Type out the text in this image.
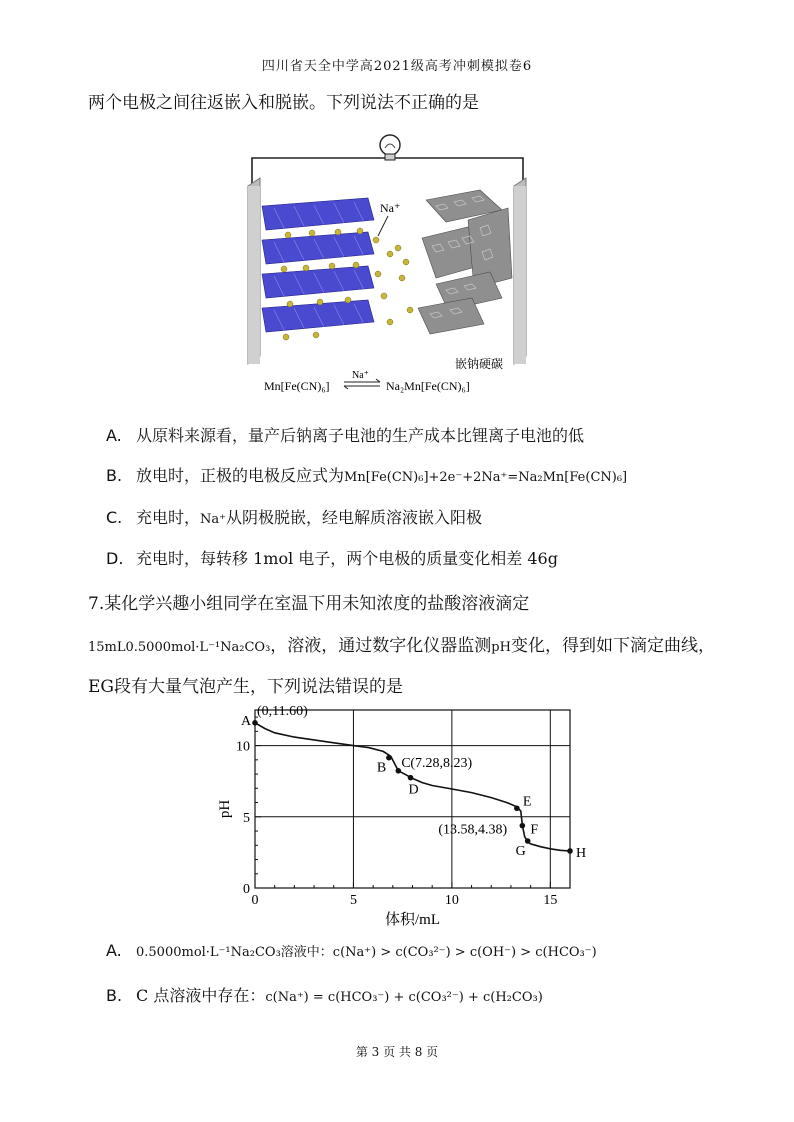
四川省天全中学高2021级高考冲刺模拟卷6
两个电极之间往返嵌入和脱嵌。下列说法不正确的是
Na⁺
嵌钠硬碳
Mn[Fe(CN)₆]
Na⁺
Na₂Mn[Fe(CN)₆]
A. 从原料来源看，量产后钠离子电池的生产成本比锂离子电池的低
B. 放电时，正极的电极反应式为Mn[Fe(CN)₆]+2e⁻+2Na⁺=Na₂Mn[Fe(CN)₆]
C. 充电时，Na⁺从阴极脱嵌，经电解质溶液嵌入阳极
D. 充电时，每转移 1mol 电子，两个电极的质量变化相差 46g
7.某化学兴趣小组同学在室温下用未知浓度的盐酸溶液滴定
15mL0.5000mol·L⁻¹Na₂CO₃，溶液，通过数字化仪器监测pH变化，得到如下滴定曲线，
EG段有大量气泡产生，下列说法错误的是
0	5	10	15
0
5
10
A
(0,11.60)
B C (7.28,8.23)
D
E
F
(13.58,4.38)
G	H
体积/mL
pH
A. 0.5000mol·L⁻¹Na₂CO₃溶液中：c(Na⁺) > c(CO₃²⁻) > c(OH⁻) > c(HCO₃⁻)
B. C 点溶液中存在：c(Na⁺) = c(HCO₃⁻) + c(CO₃²⁻) + c(H₂CO₃)
第 3 页 共 8 页
